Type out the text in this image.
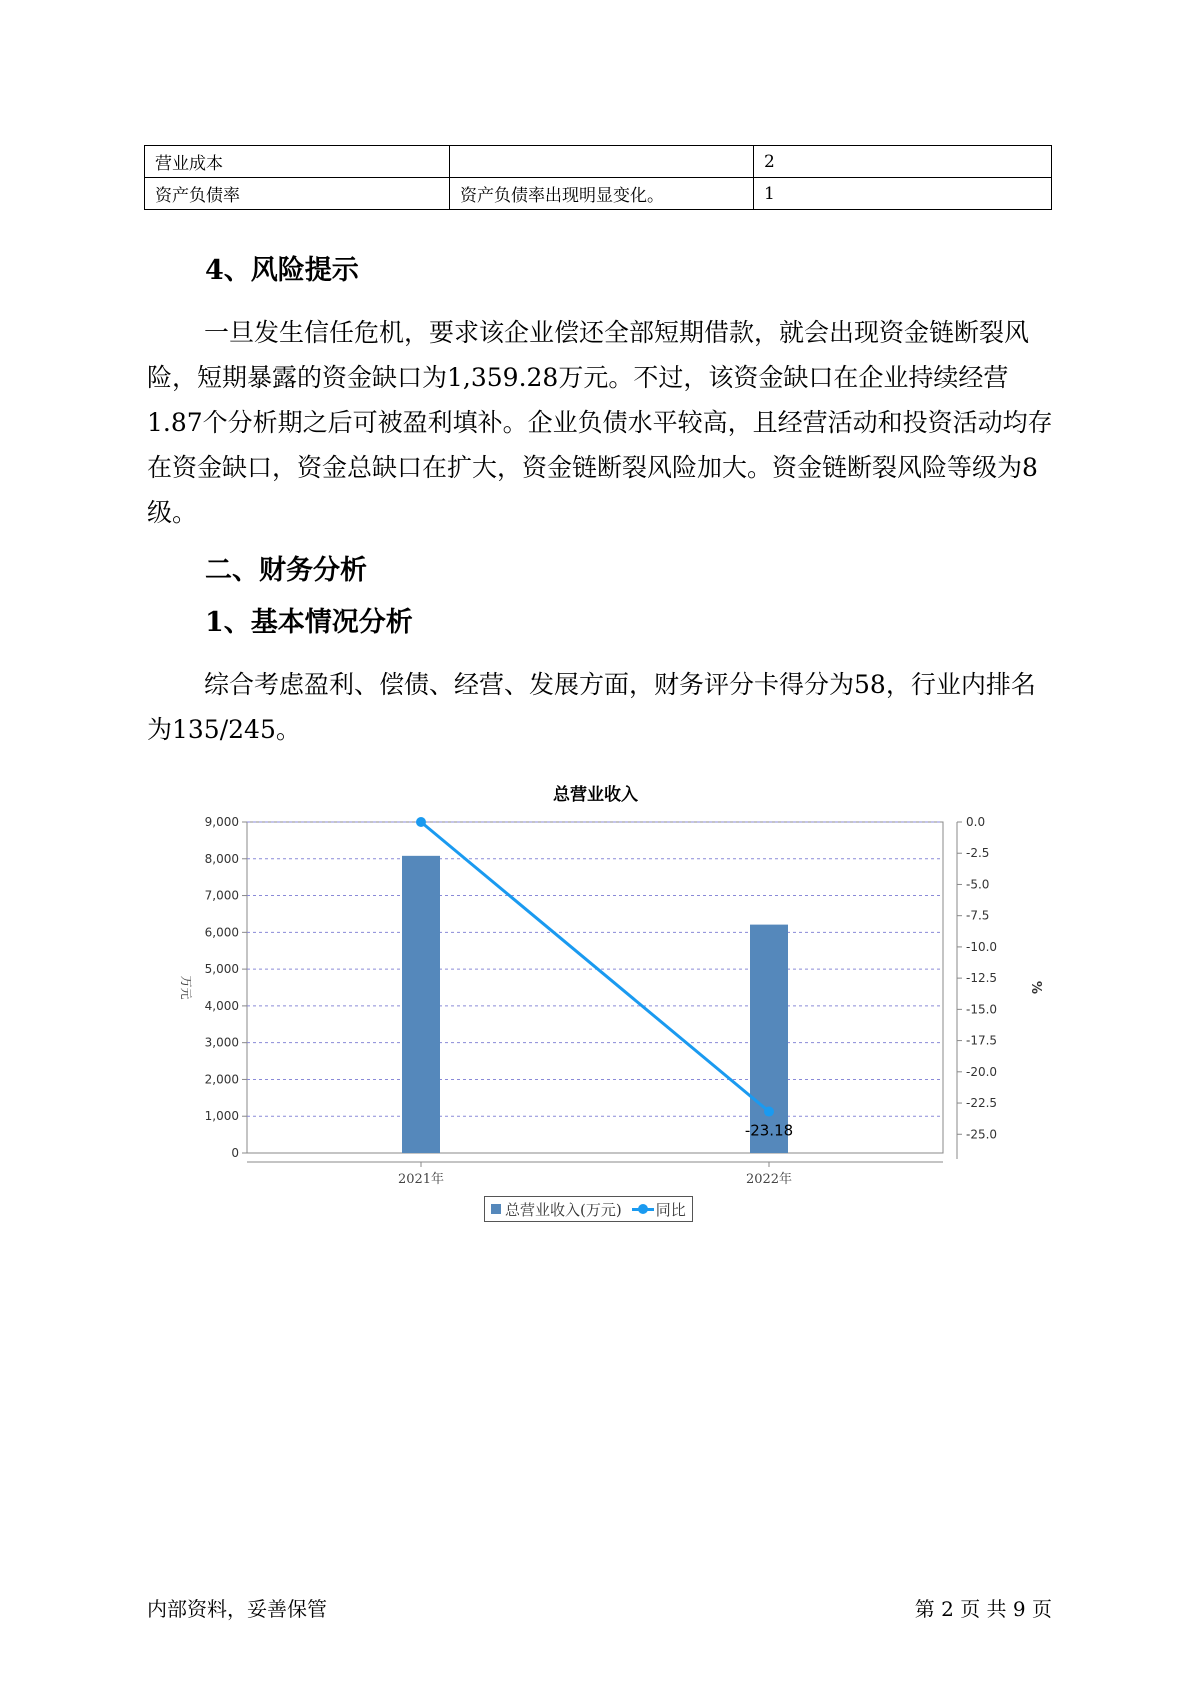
营业成本		2
资产负债率	资产负债率出现明显变化。	1
4、风险提示

一旦发生信任危机，要求该企业偿还全部短期借款，就会出现资金链断裂风险，短期暴露的资金缺口为1,359.28万元。不过，该资金缺口在企业持续经营 1.87个分析期之后可被盈利填补。企业负债水平较高，且经营活动和投资活动均存在资金缺口，资金总缺口在扩大，资金链断裂风险加大。资金链断裂风险等级为8级。

二、财务分析
1、基本情况分析

综合考虑盈利、偿债、经营、发展方面，财务评分卡得分为58，行业内排名为135/245。

总营业收入
0
1,000
2,000
3,000
4,000
5,000
6,000
7,000
8,000
9,000	0.0
-2.5
-5.0
-7.5
-10.0
-12.5
-15.0
-17.5
-20.0
-22.5
-25.0
万元	%
2021年	2022年
-23.18
总营业收入(万元) 同比
内部资料，妥善保管	第 2 页 共 9 页
